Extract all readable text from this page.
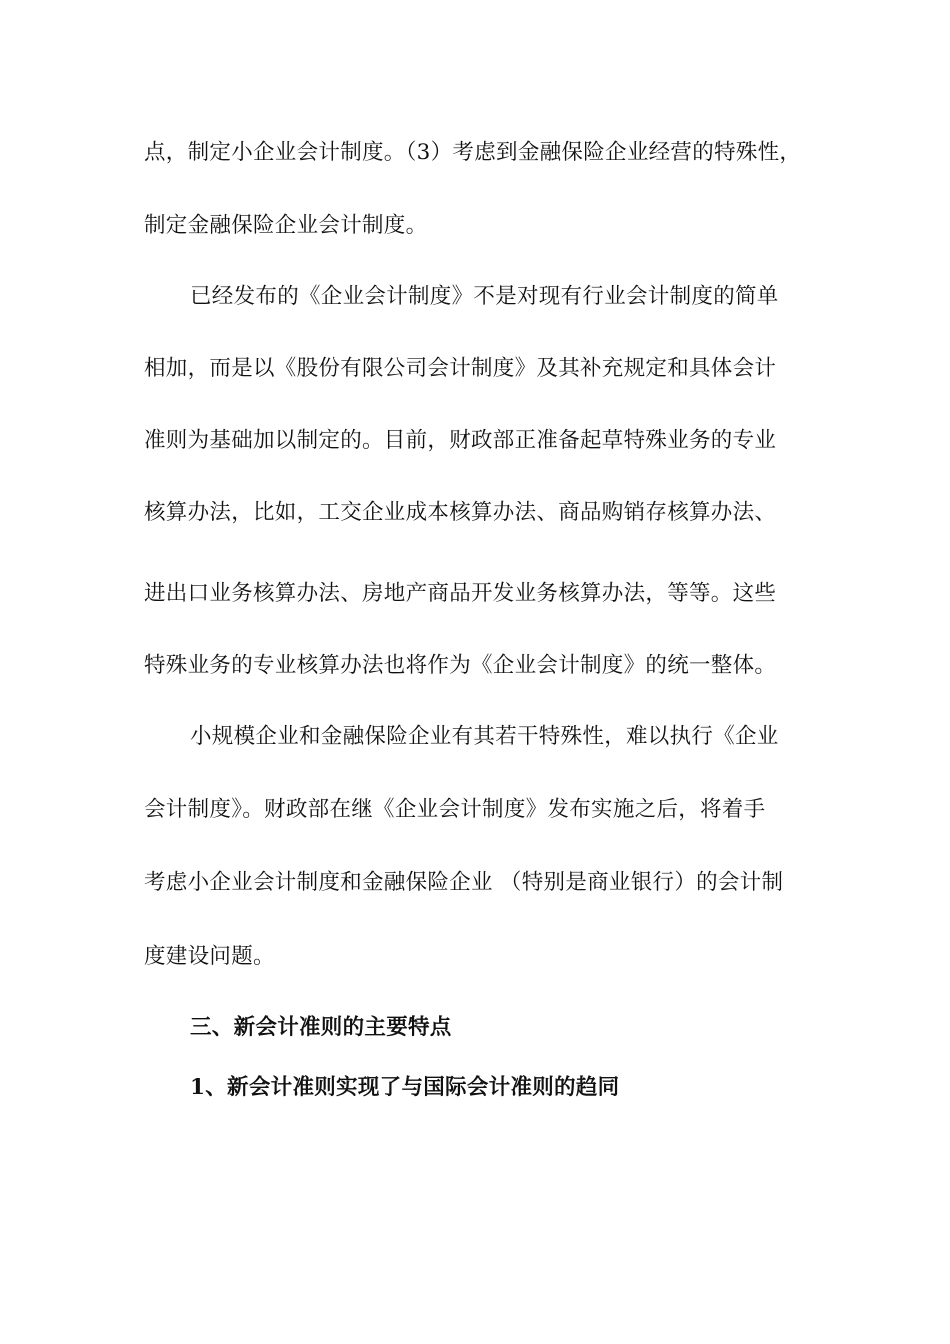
点，制定小企业会计制度。（3）考虑到金融保险企业经营的特殊性，
制定金融保险企业会计制度。
已经发布的《企业会计制度》不是对现有行业会计制度的简单
相加，而是以《股份有限公司会计制度》及其补充规定和具体会计
准则为基础加以制定的。目前，财政部正准备起草特殊业务的专业
核算办法，比如，工交企业成本核算办法、商品购销存核算办法、
进出口业务核算办法、房地产商品开发业务核算办法，等等。这些
特殊业务的专业核算办法也将作为《企业会计制度》的统一整体。
小规模企业和金融保险企业有其若干特殊性，难以执行《企业
会计制度》。财政部在继《企业会计制度》发布实施之后，将着手
考虑小企业会计制度和金融保险企业 （特别是商业银行）的会计制
度建设问题。
三、新会计准则的主要特点
1、新会计准则实现了与国际会计准则的趋同
